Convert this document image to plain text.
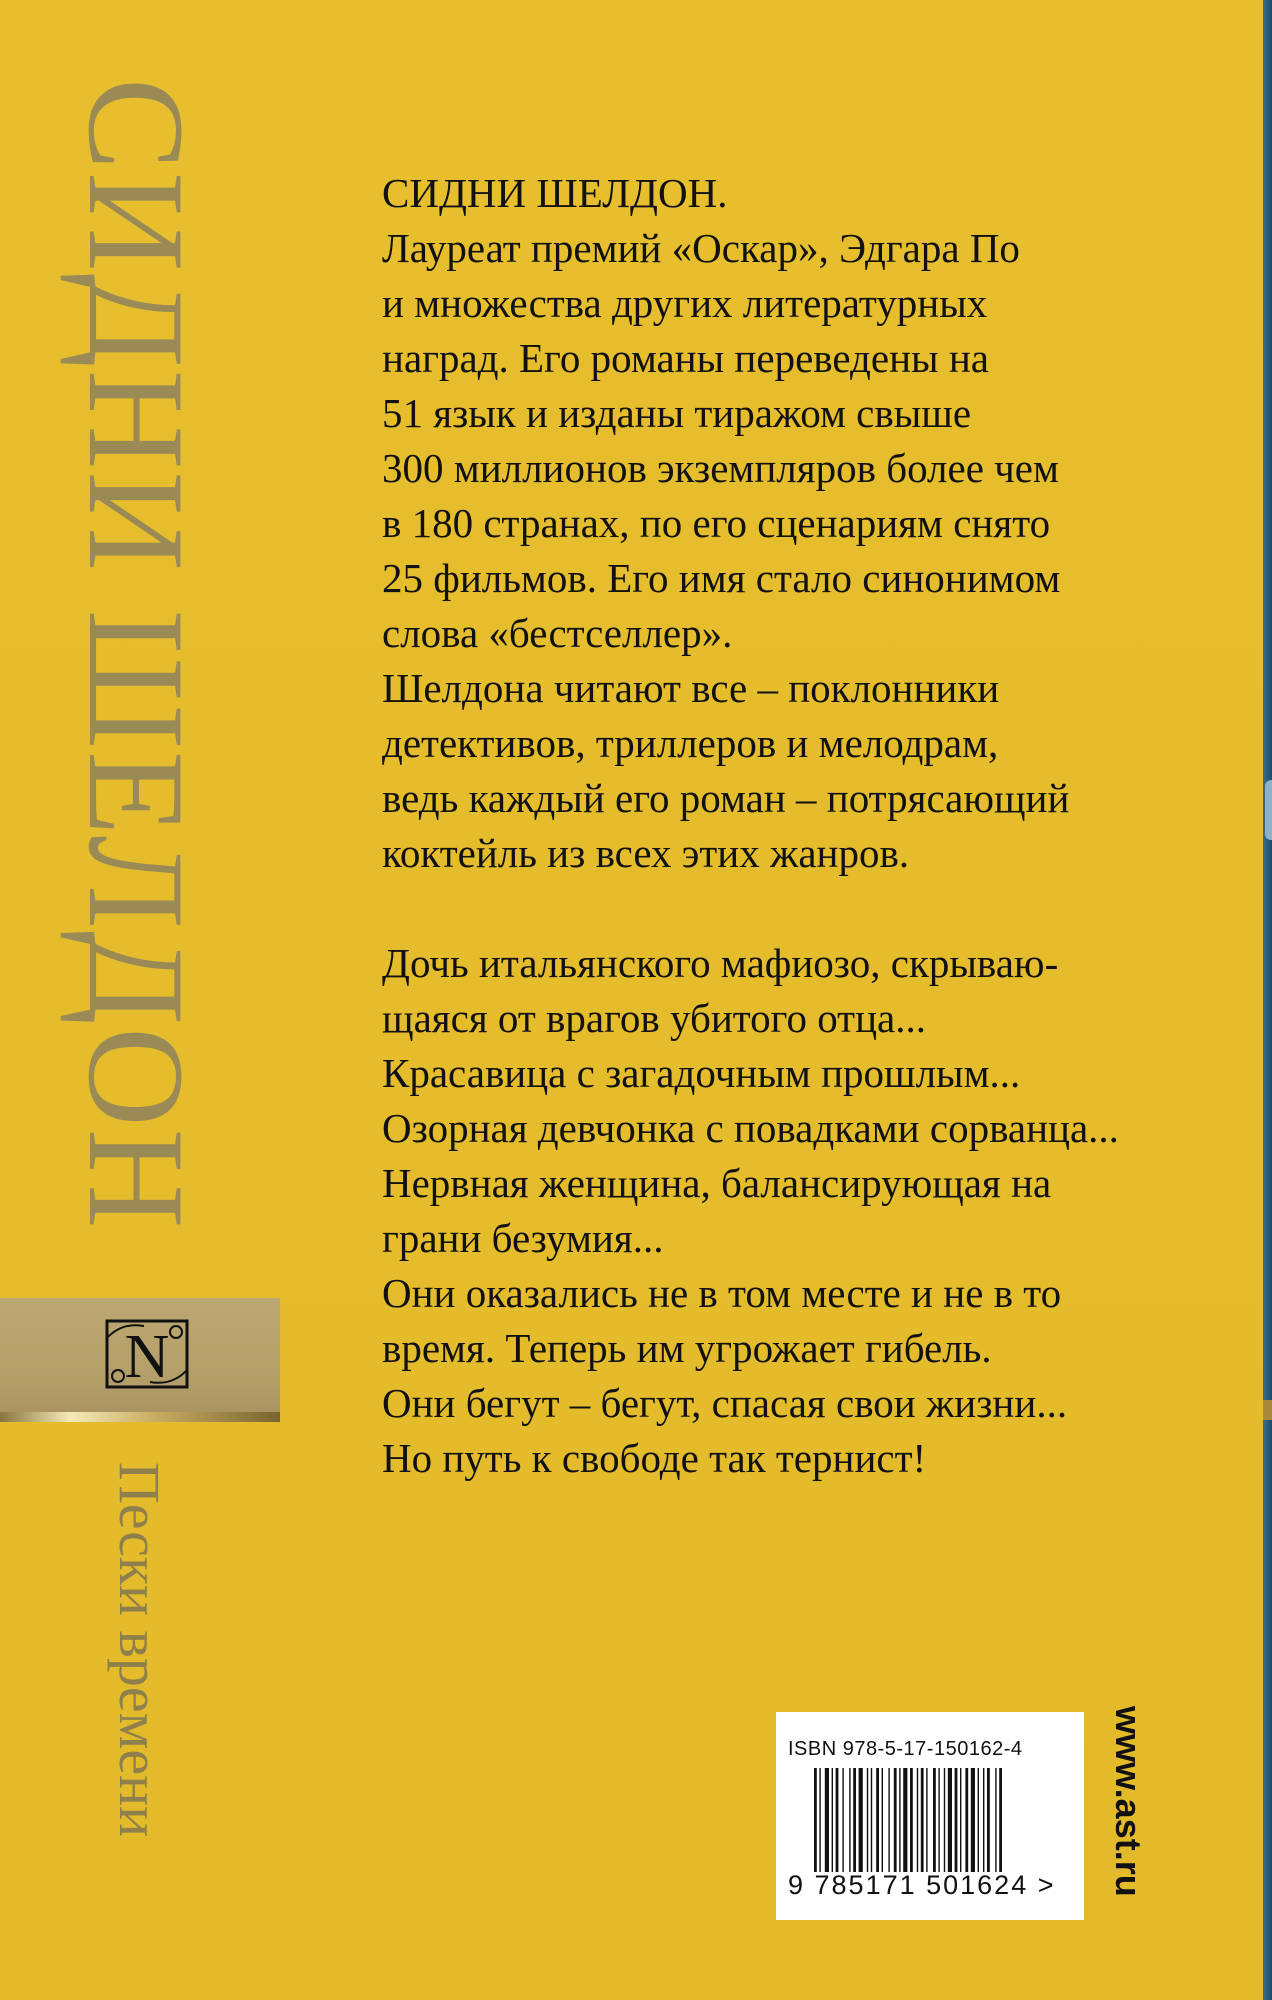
СИДНИ ШЕЛДОН
N
Пески времени

СИДНИ ШЕЛДОН.

Лауреат премий «Оскар», Эдгара По

и множества других литературных

наград. Его романы переведены на

51 язык и изданы тиражом свыше

300 миллионов экземпляров более чем

в 180 странах, по его сценариям снято

25 фильмов. Его имя стало синонимом

слова «бестселлер».

Шелдона читают все – поклонники

детективов, триллеров и мелодрам,

ведь каждый его роман – потрясающий

коктейль из всех этих жанров.

Дочь итальянского мафиозо, скрываю-

щаяся от врагов убитого отца...

Красавица с загадочным прошлым...

Озорная девчонка с повадками сорванца...

Нервная женщина, балансирующая на

грани безумия...

Они оказались не в том месте и не в то

время. Теперь им угрожает гибель.

Они бегут – бегут, спасая свои жизни...

Но путь к свободе так тернист!

ISBN 978-5-17-150162-4
9 785171 501624 >	www.ast.ru
